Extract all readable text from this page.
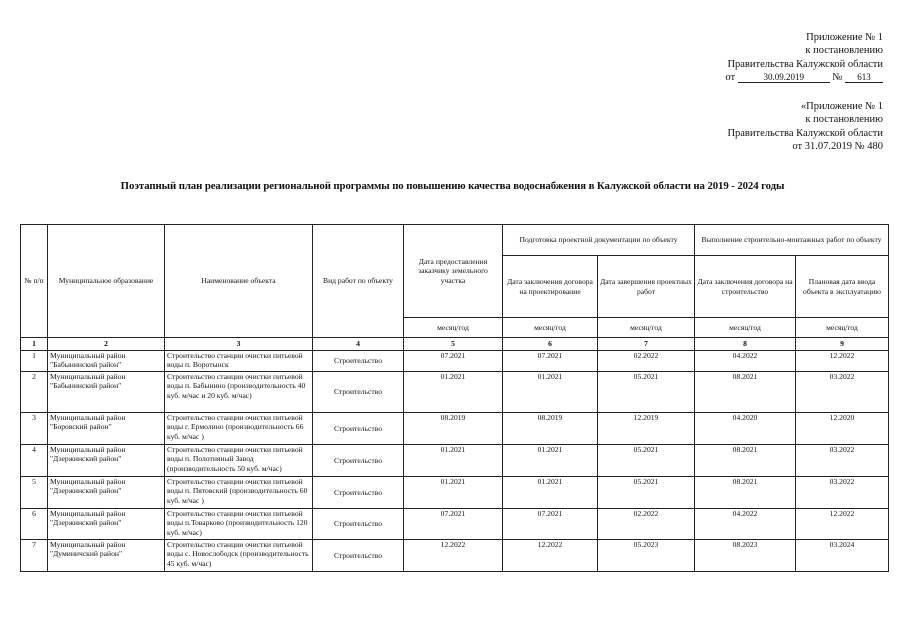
Приложение № 1
к постановлению
Правительства Калужской области
от	30.09.2019	№ 613
«Приложение № 1
к постановлению
Правительства Калужской области
от 31.07.2019 № 480
Поэтапный план реализации региональной программы по повышению качества водоснабжения в Калужской области на 2019 - 2024 годы
№ п/п	Муниципальное образование	Наименование объекта	Вид работ по объекту	Дата предоставления заказчику земельного участка	Подготовка проектной документации по объекту		Выполнение строительно-монтажных работ по объекту	
					Дата заключения договора на проектирование	Дата завершения проектных работ	Дата заключения договора на строительство	Плановая дата ввода объекта в эксплуатацию
				месяц/год	месяц/год	месяц/год	месяц/год	месяц/год
1	2	3	4	5	6	7	8	9
1	Муниципальный район "Бабынинский район"	Строительство станции очистки питьевой воды п. Воротынск	Строительство	07.2021	07.2021	02.2022	04.2022	12.2022
2	Муниципальный район "Бабынинский район"	Строительство станции очистки питьевой воды п. Бабынино (производительность 40 куб. м/час и 20 куб. м/час)	Строительство	01.2021	01.2021	05.2021	08.2021	03.2022
3	Муниципальный район "Боровский район"	Строительство станции очистки питьевой воды г. Ермолино (производительность 66 куб. м/час )	Строительство	08.2019	08.2019	12.2019	04.2020	12.2020
4	Муниципальный район "Дзержинский район"	Строительство станции очистки питьевой воды п. Полотняный Завод (производительность 50 куб. м/час)	Строительство	01.2021	01.2021	05.2021	08.2021	03.2022
5	Муниципальный район "Дзержинский район"	Строительство станции очистки питьевой воды п. Пятовский (производительность 60 куб. м/час )	Строительство	01.2021	01.2021	05.2021	08.2021	03.2022
6	Муниципальный район "Дзержинский район"	Строительство станции очистки питьевой воды п.Товарково (производительность 120 куб. м/час)	Строительство	07.2021	07.2021	02.2022	04.2022	12.2022
7	Муниципальный район "Думиничский район"	Строительство станции очистки питьевой воды с. Новослободск (производительность 45 куб. м/час)	Строительство	12.2022	12.2022	05.2023	08.2023	03.2024
